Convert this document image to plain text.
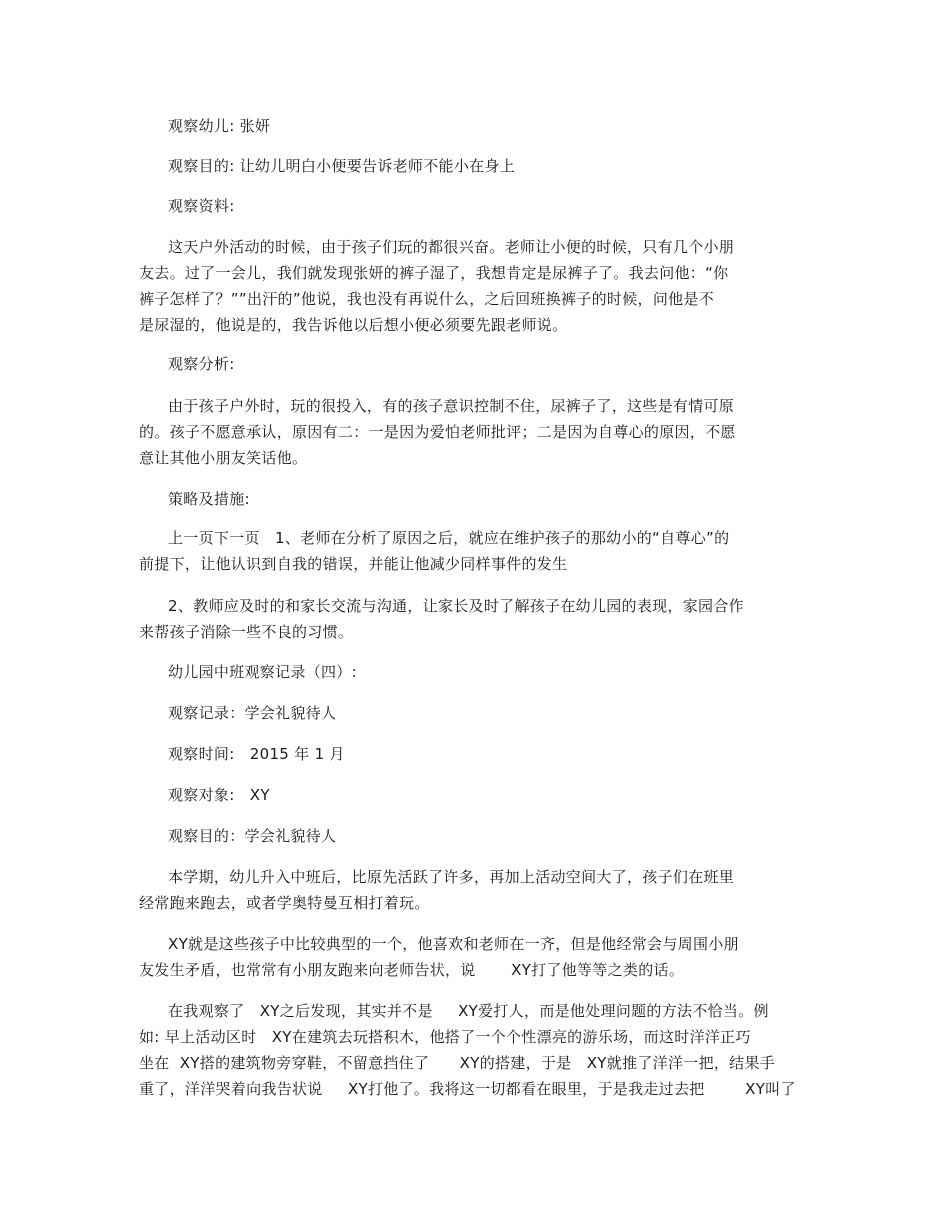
观察幼儿: 张妍
观察目的: 让幼儿明白小便要告诉老师不能小在身上
观察资料:
这天户外活动的时候，由于孩子们玩的都很兴奋。老师让小便的时候，只有几个小朋
友去。过了一会儿，我们就发现张妍的裤子湿了，我想肯定是尿裤子了。我去问他：“你
裤子怎样了？””出汗的”他说，我也没有再说什么，之后回班换裤子的时候，问他是不
是尿湿的，他说是的，我告诉他以后想小便必须要先跟老师说。
观察分析:
由于孩子户外时，玩的很投入，有的孩子意识控制不住，尿裤子了，这些是有情可原
的。孩子不愿意承认，原因有二：一是因为爱怕老师批评；二是因为自尊心的原因，不愿
意让其他小朋友笑话他。
策略及措施:
上一页下一页   1、老师在分析了原因之后，就应在维护孩子的那幼小的“自尊心”的
前提下，让他认识到自我的错误，并能让他减少同样事件的发生
2、教师应及时的和家长交流与沟通，让家长及时了解孩子在幼儿园的表现，家园合作
来帮孩子消除一些不良的习惯。
幼儿园中班观察记录（四）:
观察记录：学会礼貌待人
观察时间:   2015 年 1 月
观察对象:   XY
观察目的：学会礼貌待人
本学期，幼儿升入中班后，比原先活跃了许多，再加上活动空间大了，孩子们在班里
经常跑来跑去，或者学奥特曼互相打着玩。
XY就是这些孩子中比较典型的一个，他喜欢和老师在一齐，但是他经常会与周围小朋
友发生矛盾，也常常有小朋友跑来向老师告状，说       XY打了他等等之类的话。
在我观察了   XY之后发现，其实并不是     XY爱打人，而是他处理问题的方法不恰当。例
如: 早上活动区时   XY在建筑去玩搭积木，他搭了一个个性漂亮的游乐场，而这时洋洋正巧
坐在  XY搭的建筑物旁穿鞋，不留意挡住了      XY的搭建，于是   XY就推了洋洋一把，结果手
重了，洋洋哭着向我告状说     XY打他了。我将这一切都看在眼里，于是我走过去把        XY叫了
